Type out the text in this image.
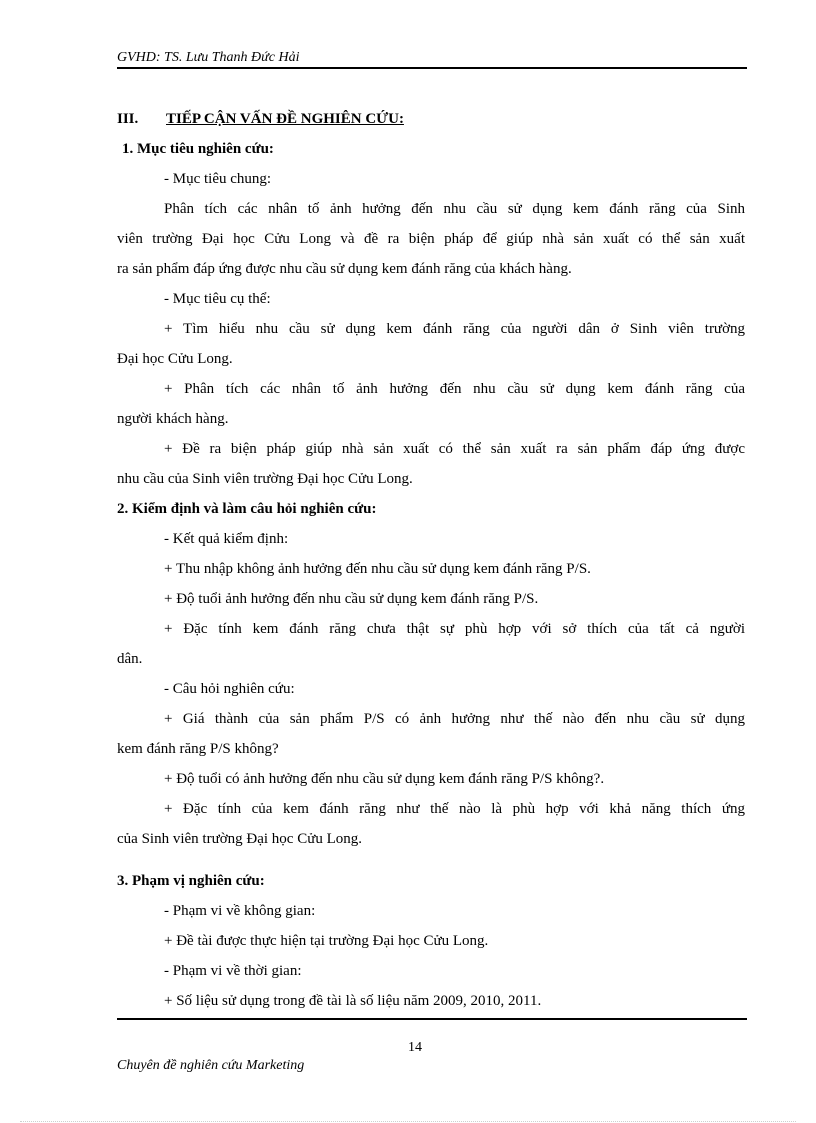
GVHD: TS. Lưu Thanh Đức Hải
III. TIẾP CẬN VẤN ĐỀ NGHIÊN CỨU:
1. Mục tiêu nghiên cứu:
- Mục tiêu chung:
Phân tích các nhân tố ảnh hưởng đến nhu cầu sử dụng kem đánh răng của Sinh
viên trường Đại học Cửu Long và đề ra biện pháp để giúp nhà sản xuất có thể sản xuất
ra sản phẩm đáp ứng được nhu cầu sử dụng kem đánh răng của khách hàng.
- Mục tiêu cụ thể:
+ Tìm hiểu nhu cầu sử dụng kem đánh răng của người dân ở Sinh viên trường
Đại học Cửu Long.
+ Phân tích các nhân tố ảnh hưởng đến nhu cầu sử dụng kem đánh răng của
người khách hàng.
+ Đề ra biện pháp giúp nhà sản xuất có thể sản xuất ra sản phẩm đáp ứng được
nhu cầu của Sinh viên trường Đại học Cửu Long.
2. Kiểm định và làm câu hỏi nghiên cứu:
- Kết quả kiểm định:
+ Thu nhập không ảnh hưởng đến nhu cầu sử dụng kem đánh răng P/S.
+ Độ tuổi ảnh hưởng đến nhu cầu sử dụng kem đánh răng P/S.
+ Đặc tính kem đánh răng chưa thật sự phù hợp với sở thích của tất cả người
dân.
- Câu hỏi nghiên cứu:
+ Giá thành của sản phẩm P/S có ảnh hưởng như thế nào đến nhu cầu sử dụng
kem đánh răng P/S không?
+ Độ tuổi có ảnh hưởng đến nhu cầu sử dụng kem đánh răng P/S không?.
+ Đặc tính của kem đánh răng như thế nào là phù hợp với khả năng thích ứng
của Sinh viên trường Đại học Cửu Long.
3. Phạm vị nghiên cứu:
- Phạm vi về không gian:
+ Đề tài được thực hiện tại trường Đại học Cửu Long.
- Phạm vi về thời gian:
+ Số liệu sử dụng trong đề tài là số liệu năm 2009, 2010, 2011.
14
Chuyên đề nghiên cứu Marketing
